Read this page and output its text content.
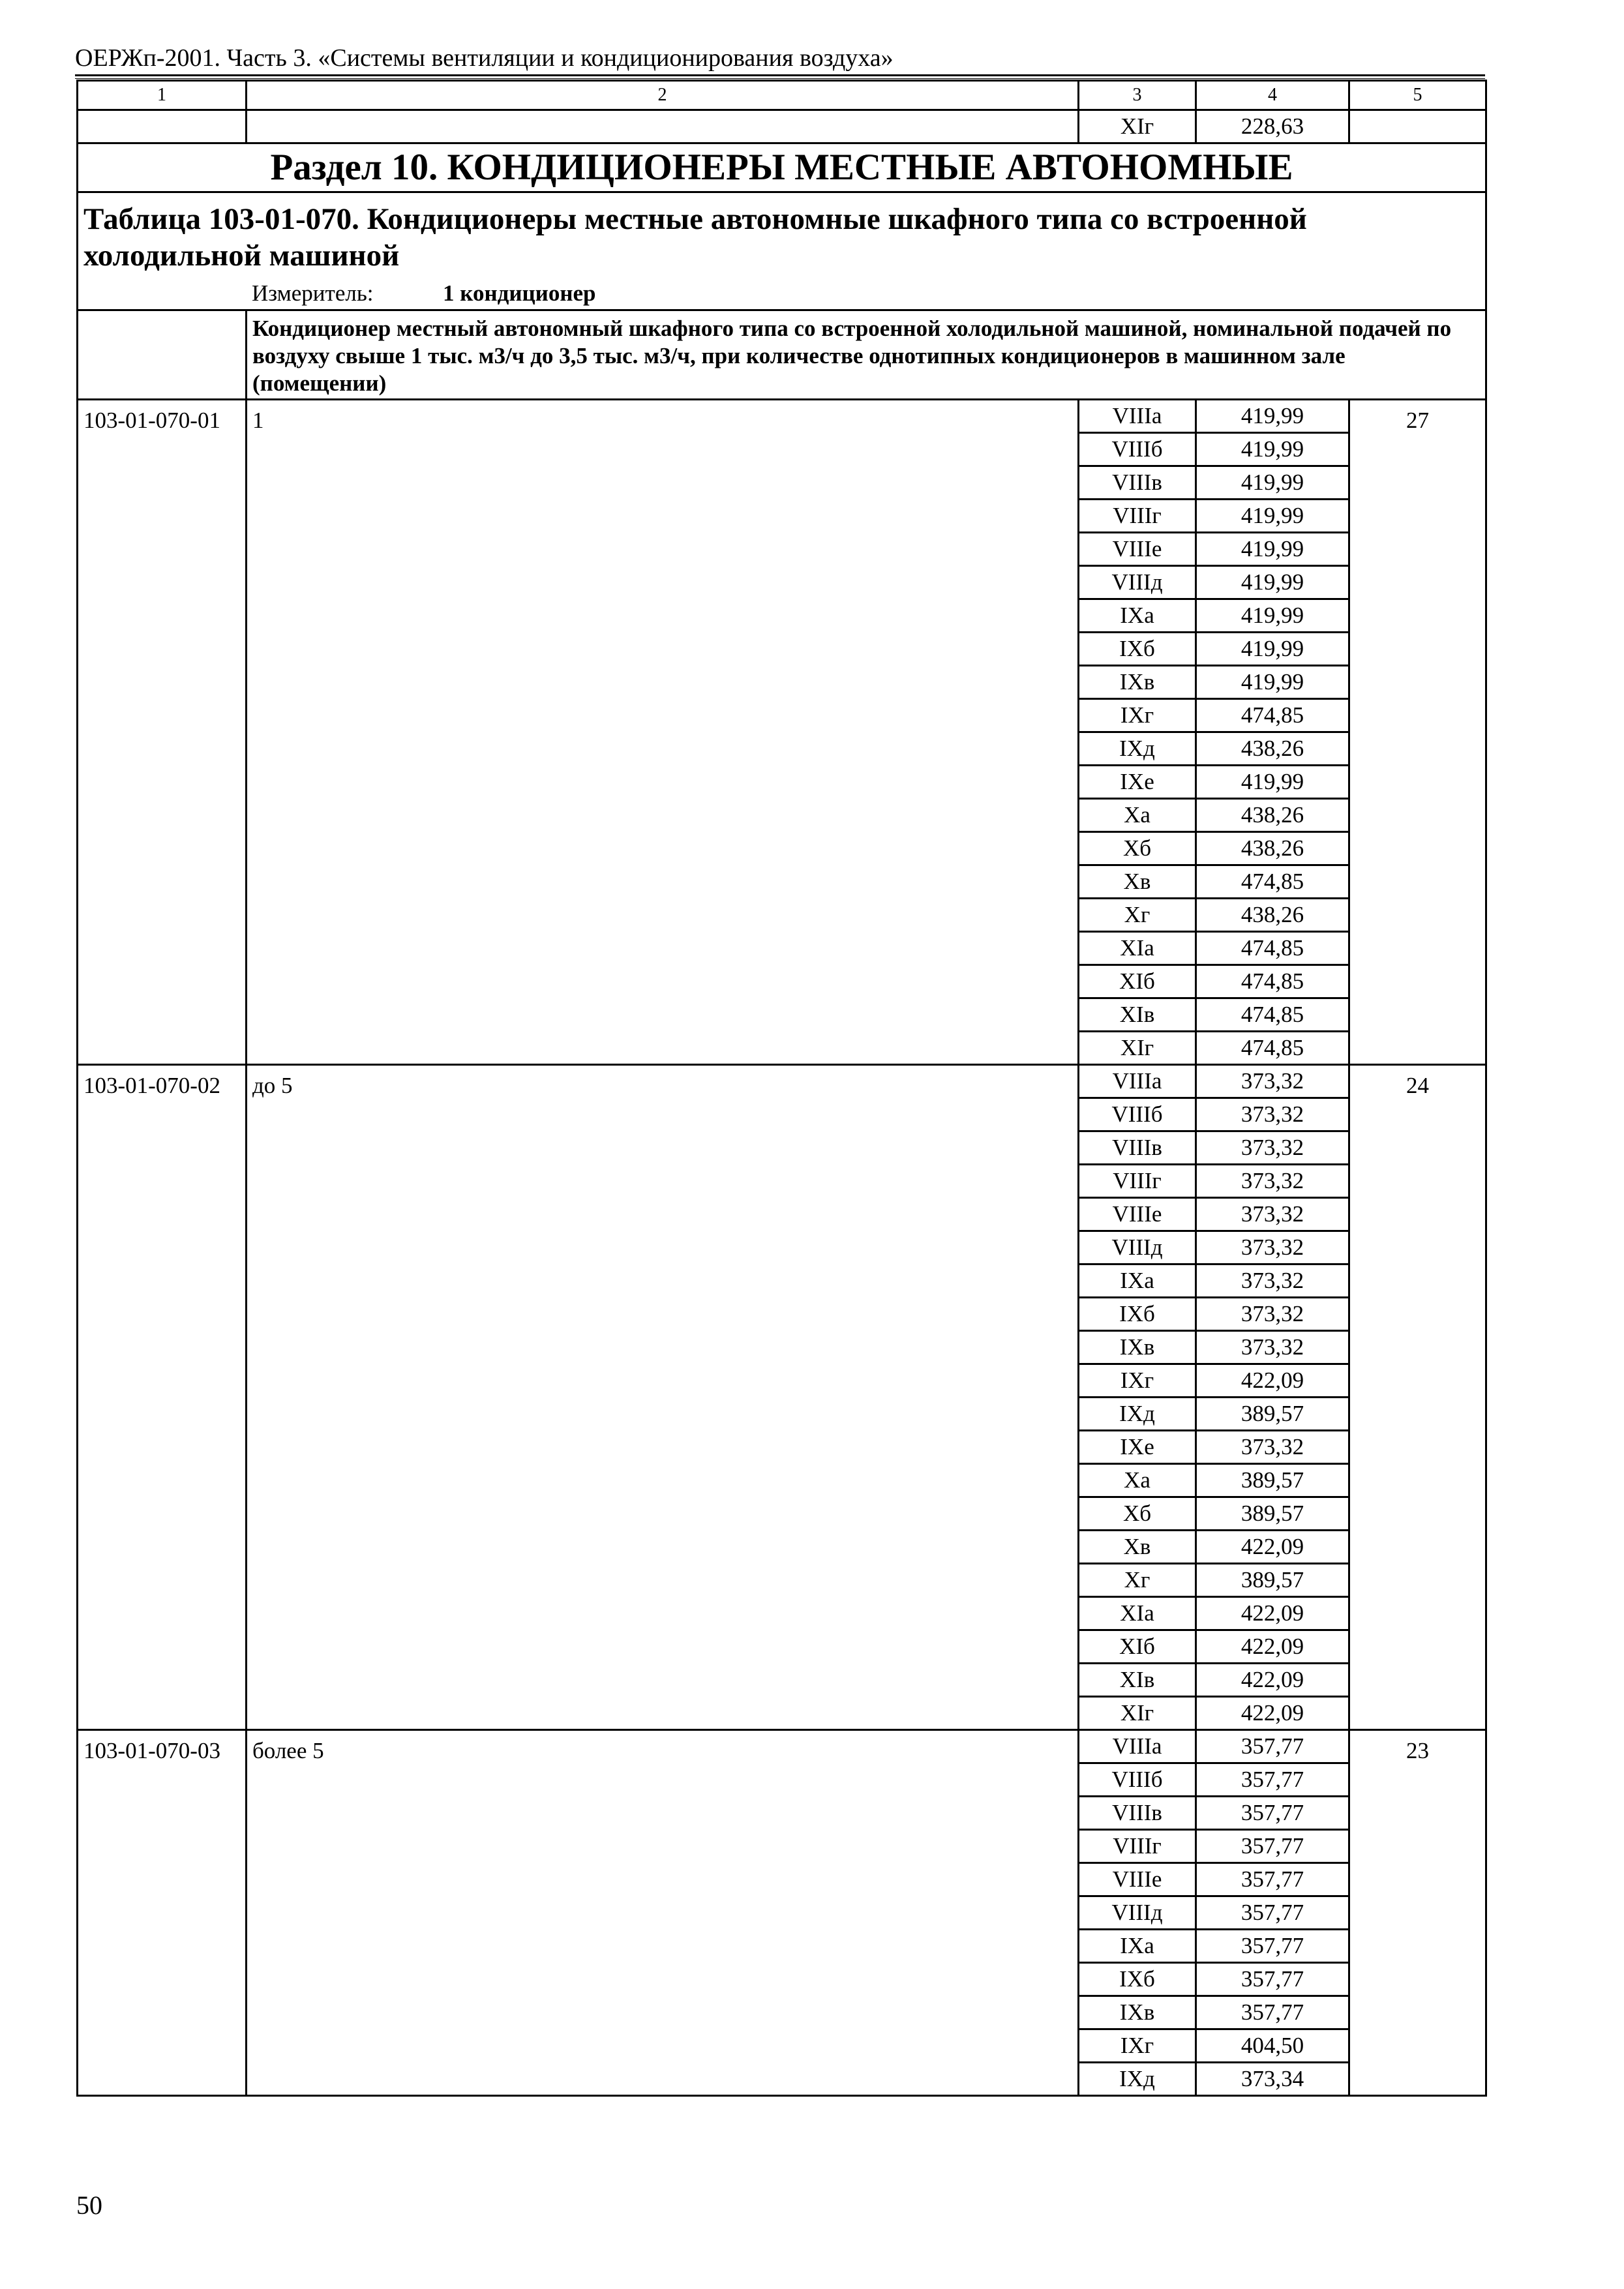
ОЕРЖп-2001. Часть 3. «Системы вентиляции и кондиционирования воздуха»
1	2	3	4	5
		XIг	228,63	
Раздел 10. КОНДИЦИОНЕРЫ МЕСТНЫЕ АВТОНОМНЫЕ				
Таблица 103-01-070. Кондиционеры местные автономные шкафного типа со встроенной холодильной машиной				
Измеритель: 1 кондиционер				
	Кондиционер местный автономный шкафного типа со встроенной холодильной машиной, номинальной подачей по воздуху свыше 1 тыс. м3/ч до 3,5 тыс. м3/ч, при количестве однотипных кондиционеров в машинном зале (помещении)			
103-01-070-01	1	VIIIа	419,99	27
		VIIIб	419,99	
		VIIIв	419,99	
		VIIIг	419,99	
		VIIIе	419,99	
		VIIIд	419,99	
		IXа	419,99	
		IXб	419,99	
		IXв	419,99	
		IXг	474,85	
		IXд	438,26	
		IXе	419,99	
		Xа	438,26	
		Xб	438,26	
		Xв	474,85	
		Xг	438,26	
		XIа	474,85	
		XIб	474,85	
		XIв	474,85	
		XIг	474,85	
103-01-070-02	до 5	VIIIа	373,32	24
		VIIIб	373,32	
		VIIIв	373,32	
		VIIIг	373,32	
		VIIIе	373,32	
		VIIIд	373,32	
		IXа	373,32	
		IXб	373,32	
		IXв	373,32	
		IXг	422,09	
		IXд	389,57	
		IXе	373,32	
		Xа	389,57	
		Xб	389,57	
		Xв	422,09	
		Xг	389,57	
		XIа	422,09	
		XIб	422,09	
		XIв	422,09	
		XIг	422,09	
103-01-070-03	более 5	VIIIа	357,77	23
		VIIIб	357,77	
		VIIIв	357,77	
		VIIIг	357,77	
		VIIIе	357,77	
		VIIIд	357,77	
		IXа	357,77	
		IXб	357,77	
		IXв	357,77	
		IXг	404,50	
		IXд	373,34	
50
